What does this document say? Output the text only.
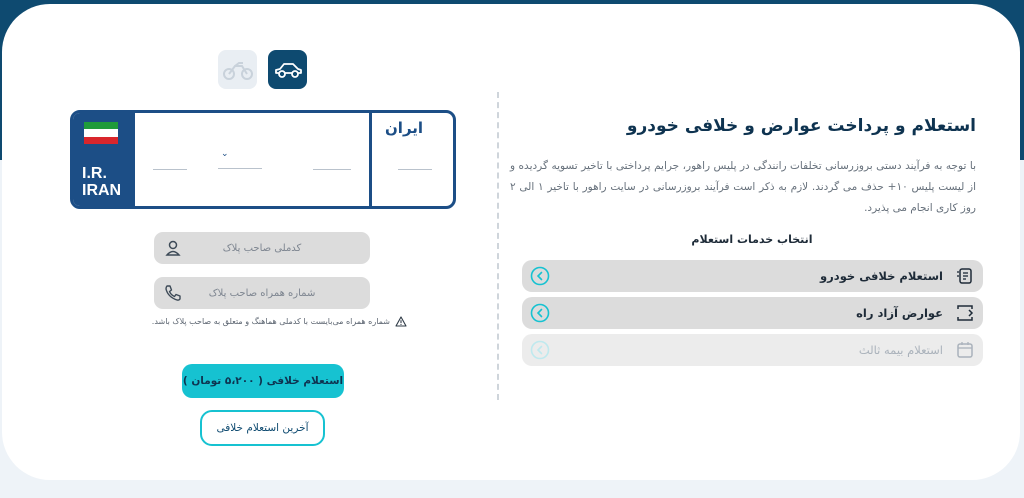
I.R.
IRAN
⌄
ایران
کدملی صاحب پلاک
شماره همراه صاحب پلاک
شماره همراه می‌بایست با کدملی هماهنگ و متعلق به صاحب پلاک باشد.
استعلام خلافی ( ۵،۲۰۰ تومان )
آخرین استعلام خلافی
استعلام و پرداخت عوارض و خلافی خودرو
با توجه به فرآیند دستی بروزرسانی تخلفات رانندگی در پلیس راهور، جرایم پرداختی با تاخیر تسویه گردیده و از لیست پلیس ۱۰+ حذف می گردند. لازم به ذکر است فرآیند بروزرسانی در سایت راهور با تاخیر ۱ الی ۲ روز کاری انجام می پذیرد.
انتخاب خدمات استعلام
استعلام خلافی خودرو
عوارض آزاد راه
استعلام بیمه ثالث
